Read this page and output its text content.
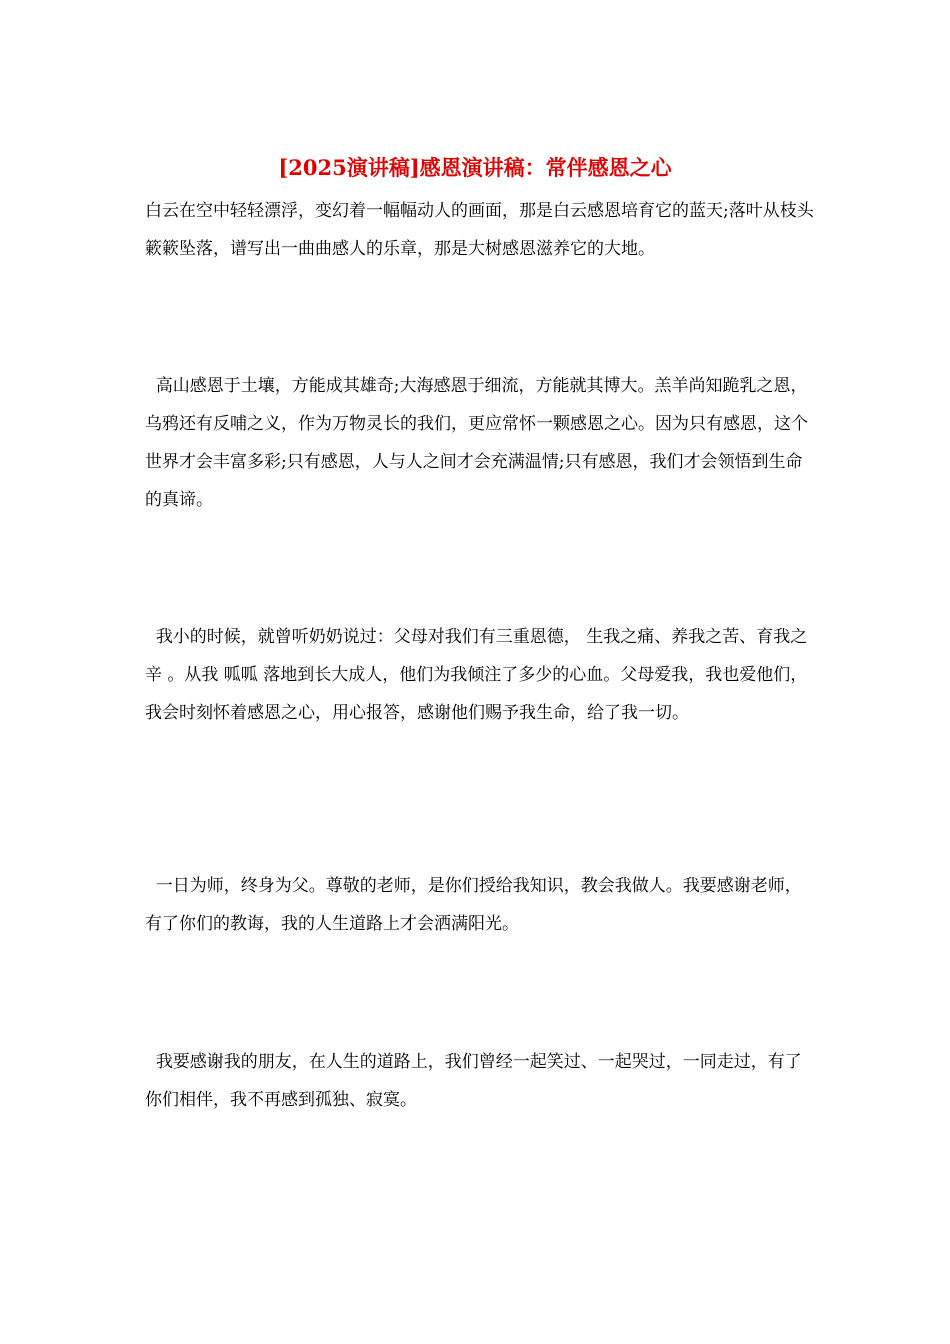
[2025演讲稿]感恩演讲稿：常伴感恩之心

白云在空中轻轻漂浮，变幻着一幅幅动人的画面，那是白云感恩培育它的蓝天;落叶从枝头簌簌坠落，谱写出一曲曲感人的乐章，那是大树感恩滋养它的大地。

高山感恩于土壤，方能成其雄奇;大海感恩于细流，方能就其博大。羔羊尚知跪乳之恩，乌鸦还有反哺之义，作为万物灵长的我们，更应常怀一颗感恩之心。因为只有感恩，这个世界才会丰富多彩;只有感恩，人与人之间才会充满温情;只有感恩，我们才会领悟到生命的真谛。

我小的时候，就曾听奶奶说过：父母对我们有三重恩德， 生我之痛、养我之苦、育我之辛 。从我 呱呱 落地到长大成人，他们为我倾注了多少的心血。父母爱我，我也爱他们，我会时刻怀着感恩之心，用心报答，感谢他们赐予我生命，给了我一切。

一日为师，终身为父。尊敬的老师，是你们授给我知识，教会我做人。我要感谢老师，有了你们的教诲，我的人生道路上才会洒满阳光。

我要感谢我的朋友，在人生的道路上，我们曾经一起笑过、一起哭过，一同走过，有了你们相伴，我不再感到孤独、寂寞。
